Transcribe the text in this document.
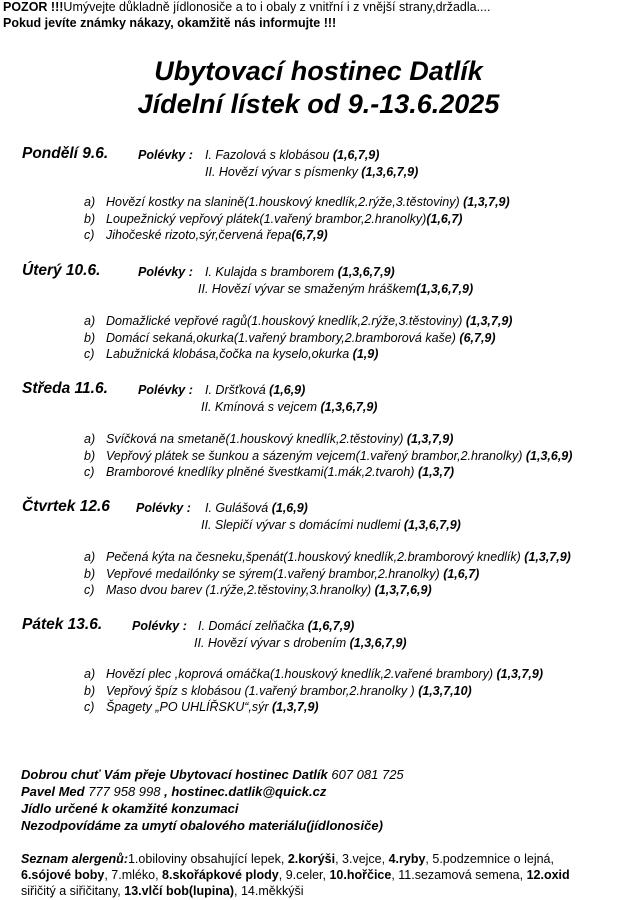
POZOR !!!Umývejte důkladně jídlonosiče a to i obaly z vnitřní i z vnější strany,držadla....
Pokud jevíte známky nákazy, okamžitě nás informujte !!!
Ubytovací hostinec Datlík
Jídelní lístek od 9.-13.6.2025
Pondělí 9.6. Polévky : I. Fazolová s klobásou (1,6,7,9)
II. Hovězí vývar s písmenky (1,3,6,7,9)
a) Hovězí kostky na slanině(1.houskový knedlík,2.rýže,3.těstoviny) (1,3,7,9)
b) Loupežnický vepřový plátek(1.vařený brambor,2.hranolky)(1,6,7)
c) Jihočeské rizoto,sýr,červená řepa(6,7,9)
Úterý 10.6.	Polévky : I. Kulajda s bramborem (1,3,6,7,9)
II. Hovězí vývar se smaženým hráškem(1,3,6,7,9)
a) Domažlické vepřové ragů(1.houskový knedlík,2.rýže,3.těstoviny) (1,3,7,9)
b) Domácí sekaná,okurka(1.vařený brambory,2.bramborová kaše) (6,7,9)
c) Labužnická klobása,čočka na kyselo,okurka (1,9)
Středa 11.6. Polévky : I. Dršťková (1,6,9)
II. Kmínová s vejcem (1,3,6,7,9)
a) Svíčková na smetaně(1.houskový knedlík,2.těstoviny) (1,3,7,9)
b) Vepřový plátek se šunkou a sázeným vejcem(1.vařený brambor,2.hranolky) (1,3,6,9)
c) Bramborové knedlíky plněné švestkami(1.mák,2.tvaroh) (1,3,7)
Čtvrtek 12.6 Polévky : I. Gulášová (1,6,9)
II. Slepičí vývar s domácími nudlemi (1,3,6,7,9)
a) Pečená kýta na česneku,špenát(1.houskový knedlík,2.bramborový knedlík) (1,3,7,9)
b) Vepřové medailónky se sýrem(1.vařený brambor,2.hranolky) (1,6,7)
c) Maso dvou barev (1.rýže,2.těstoviny,3.hranolky) (1,3,7,6,9)
Pátek 13.6. Polévky : I. Domácí zelňačka (1,6,7,9)
II. Hovězí vývar s drobením (1,3,6,7,9)
a) Hovězí plec ,koprová omáčka(1.houskový knedlík,2.vařené brambory) (1,3,7,9)
b) Vepřový špíz s klobásou (1.vařený brambor,2.hranolky ) (1,3,7,10)
c) Špagety „PO UHLÍŘSKU“,sýr (1,3,7,9)
Dobrou chuť Vám přeje Ubytovací hostinec Datlík 607 081 725
Pavel Med 777 958 998 , hostinec.datlik@quick.cz
Jídlo určené k okamžité konzumaci
Nezodpovídáme za umytí obalového materiálu(jídlonosiče)
Seznam alergenů:1.obiloviny obsahující lepek, 2.korýši, 3.vejce, 4.ryby, 5.podzemnice o lejná,
6.sójové boby, 7.mléko, 8.skořápkové plody, 9.celer, 10.hořčice, 11.sezamová semena, 12.oxid
siřičitý a siřičitany, 13.vlčí bob(lupina), 14.měkkýši
